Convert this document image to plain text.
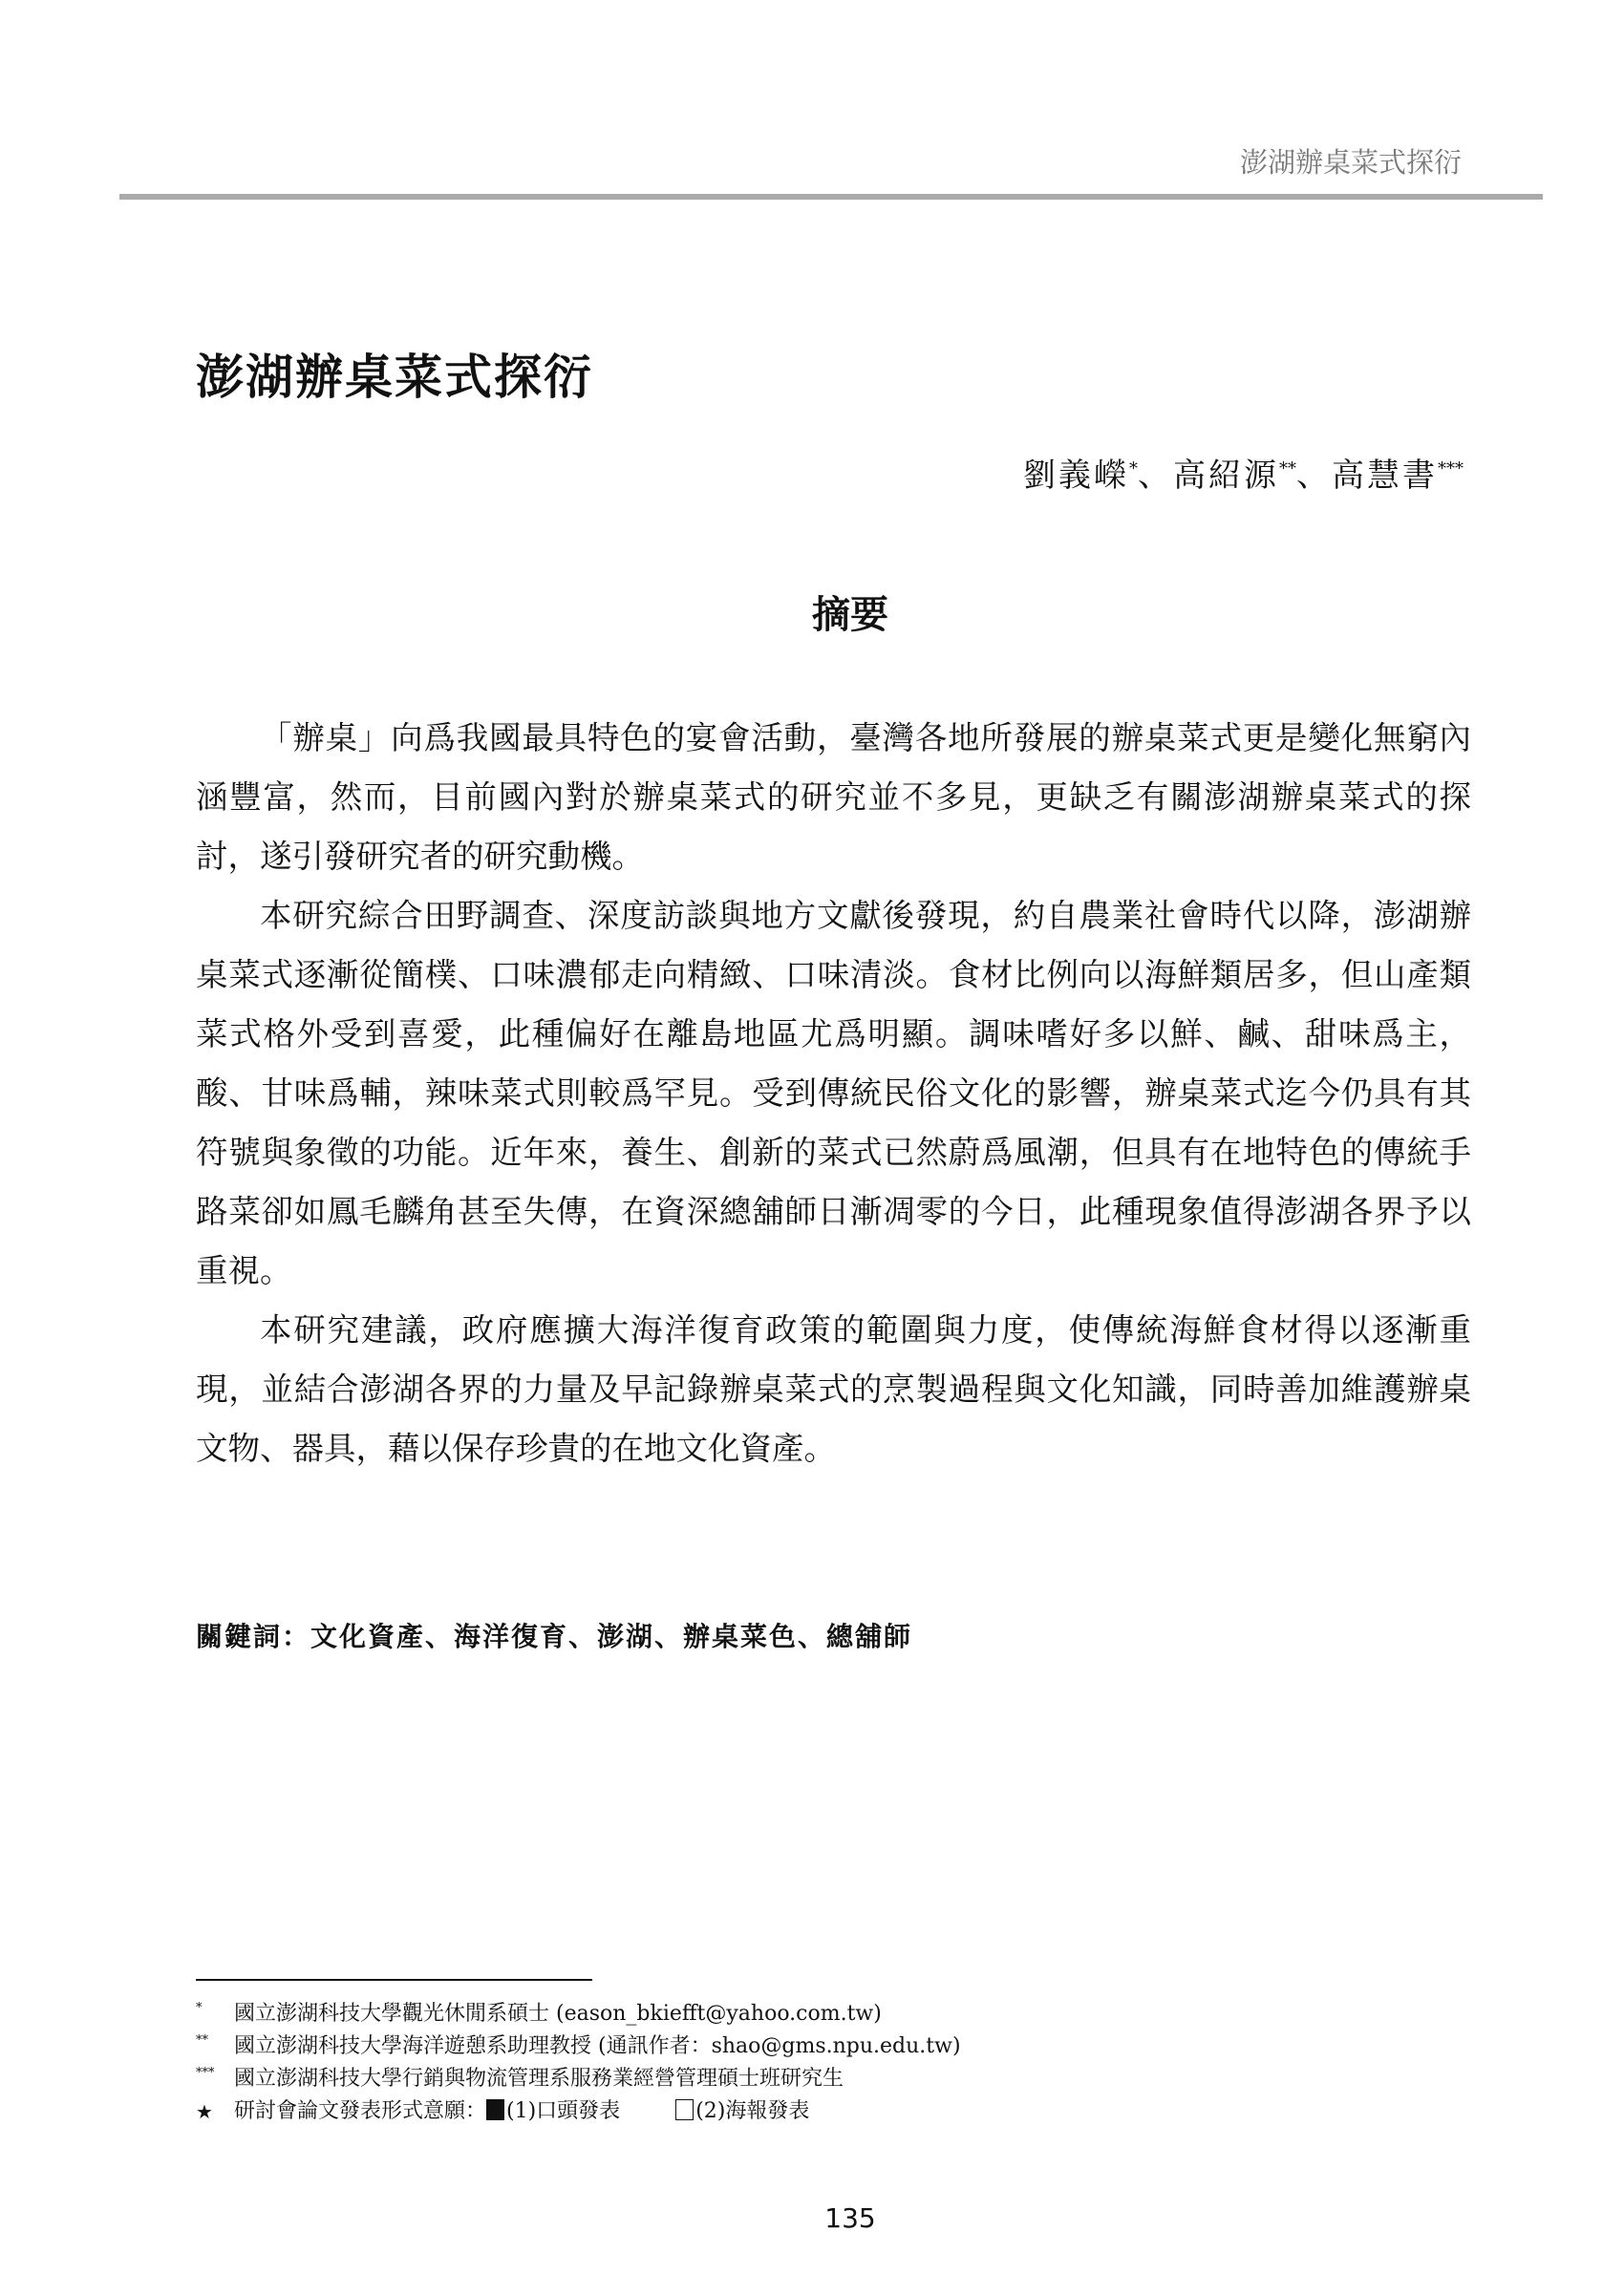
澎湖辦桌菜式探衍
澎湖辦桌菜式探衍
劉義嶸*、高紹源**、高慧書***
摘要

「辦桌」向爲我國最具特色的宴會活動，臺灣各地所發展的辦桌菜式更是變化無窮內涵豐富，然而，目前國內對於辦桌菜式的研究並不多見，更缺乏有關澎湖辦桌菜式的探討，遂引發研究者的研究動機。

本研究綜合田野調查、深度訪談與地方文獻後發現，約自農業社會時代以降，澎湖辦桌菜式逐漸從簡樸、口味濃郁走向精緻、口味清淡。食材比例向以海鮮類居多，但山產類菜式格外受到喜愛，此種偏好在離島地區尤爲明顯。調味嗜好多以鮮、鹹、甜味爲主，酸、甘味爲輔，辣味菜式則較爲罕見。受到傳統民俗文化的影響，辦桌菜式迄今仍具有其符號與象徵的功能。近年來，養生、創新的菜式已然蔚爲風潮，但具有在地特色的傳統手路菜卻如鳳毛麟角甚至失傳，在資深總舖師日漸凋零的今日，此種現象值得澎湖各界予以重視。

本研究建議，政府應擴大海洋復育政策的範圍與力度，使傳統海鮮食材得以逐漸重現，並結合澎湖各界的力量及早記錄辦桌菜式的烹製過程與文化知識，同時善加維護辦桌文物、器具，藉以保存珍貴的在地文化資產。

關鍵詞：文化資產、海洋復育、澎湖、辦桌菜色、總舖師
* 國立澎湖科技大學觀光休閒系碩士 (eason_bkiefft@yahoo.com.tw)
** 國立澎湖科技大學海洋遊憩系助理教授 (通訊作者：shao@gms.npu.edu.tw)
*** 國立澎湖科技大學行銷與物流管理系服務業經營管理碩士班研究生
★ 研討會論文發表形式意願： (1)口頭發表	(2)海報發表
135
